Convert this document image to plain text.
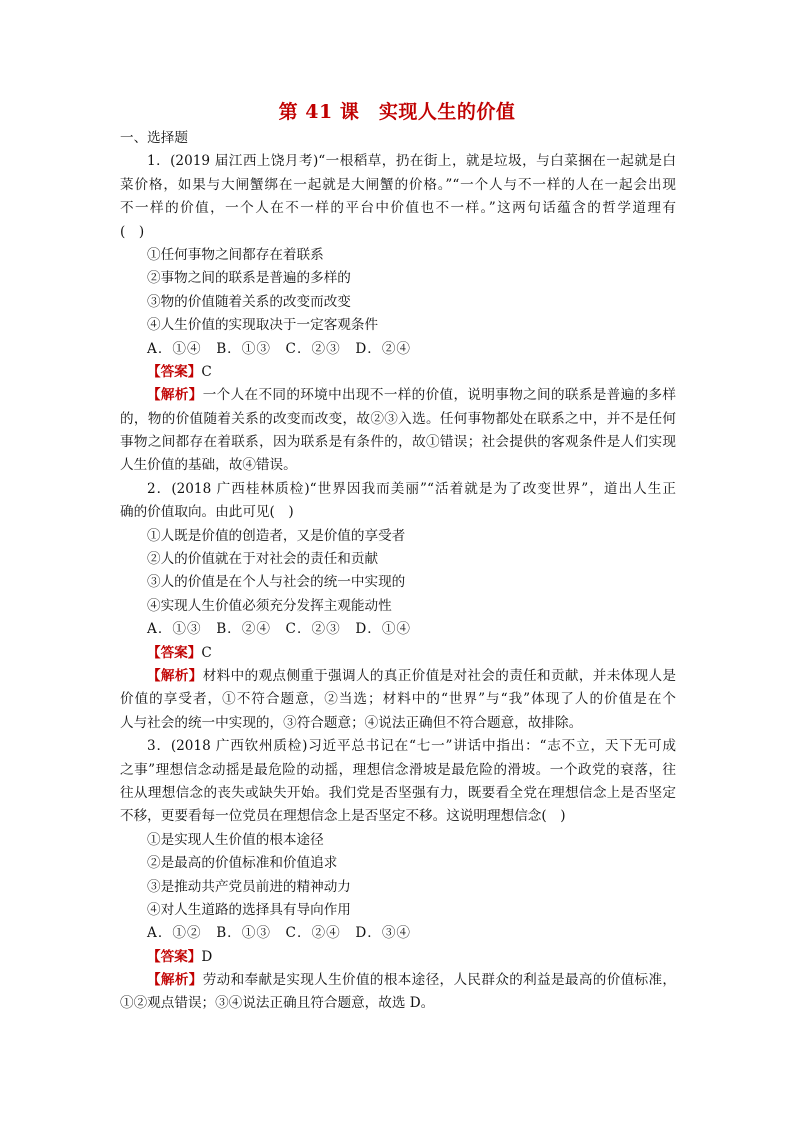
第 41 课　实现人生的价值
一、选择题
1．(2019 届江西上饶月考)“一根稻草，扔在街上，就是垃圾，与白菜捆在一起就是白
菜价格，如果与大闸蟹绑在一起就是大闸蟹的价格。”“一个人与不一样的人在一起会出现
不一样的价值，一个人在不一样的平台中价值也不一样。”这两句话蕴含的哲学道理有
(　)
①任何事物之间都存在着联系
②事物之间的联系是普遍的多样的
③物的价值随着关系的改变而改变
④人生价值的实现取决于一定客观条件
A．①④　B．①③　C．②③　D．②④
【答案】C
【解析】一个人在不同的环境中出现不一样的价值，说明事物之间的联系是普遍的多样
的，物的价值随着关系的改变而改变，故②③入选。任何事物都处在联系之中，并不是任何
事物之间都存在着联系，因为联系是有条件的，故①错误；社会提供的客观条件是人们实现
人生价值的基础，故④错误。
2．(2018 广西桂林质检)“世界因我而美丽”“活着就是为了改变世界”，道出人生正
确的价值取向。由此可见(　)
①人既是价值的创造者，又是价值的享受者
②人的价值就在于对社会的责任和贡献
③人的价值是在个人与社会的统一中实现的
④实现人生价值必须充分发挥主观能动性
A．①③　B．②④　C．②③　D．①④
【答案】C
【解析】材料中的观点侧重于强调人的真正价值是对社会的责任和贡献，并未体现人是
价值的享受者，①不符合题意，②当选；材料中的“世界”与“我”体现了人的价值是在个
人与社会的统一中实现的，③符合题意；④说法正确但不符合题意，故排除。
3．(2018 广西钦州质检)习近平总书记在“七一”讲话中指出：“志不立，天下无可成
之事”理想信念动摇是最危险的动摇，理想信念滑坡是最危险的滑坡。一个政党的衰落，往
往从理想信念的丧失或缺失开始。我们党是否坚强有力，既要看全党在理想信念上是否坚定
不移，更要看每一位党员在理想信念上是否坚定不移。这说明理想信念(　)
①是实现人生价值的根本途径
②是最高的价值标准和价值追求
③是推动共产党员前进的精神动力
④对人生道路的选择具有导向作用
A．①②　B．①③　C．②④　D．③④
【答案】D
【解析】劳动和奉献是实现人生价值的根本途径，人民群众的利益是最高的价值标准，
①②观点错误；③④说法正确且符合题意，故选 D。
